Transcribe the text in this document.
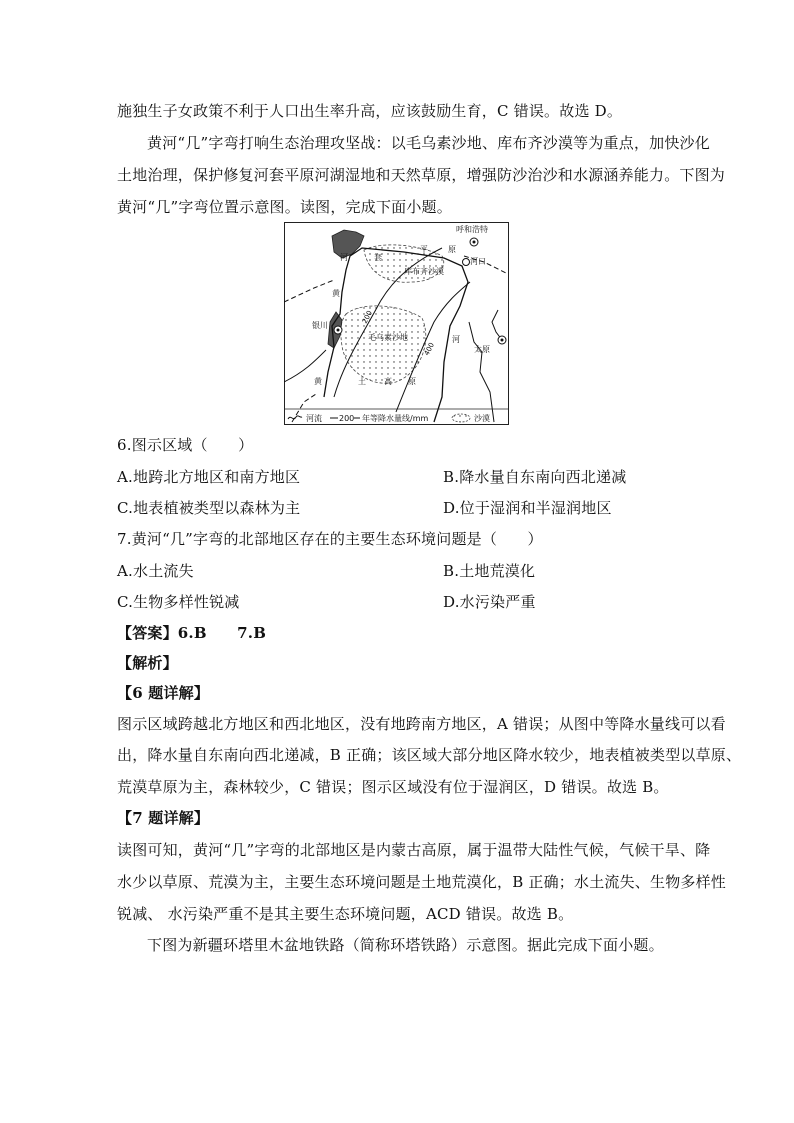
施独生子女政策不利于人口出生率升高，应该鼓励生育，C 错误。故选 D。
黄河“几”字弯打响生态治理攻坚战：以毛乌素沙地、库布齐沙漠等为重点，加快沙化
土地治理，保护修复河套平原河湖湿地和天然草原，增强防沙治沙和水源涵养能力。下图为
黄河“几”字弯位置示意图。读图，完成下面小题。
呼和浩特
河	套
平	原
河口
库布齐沙漠
黄
银川
毛乌素沙地	河
太原
黄	土 高 原
200
400
河流 200 年等降水量线/mm	沙漠
6.图示区域（　　）
A.地跨北方地区和南方地区	B.降水量自东南向西北递减
C.地表植被类型以森林为主	D.位于湿润和半湿润地区
7.黄河“几”字弯的北部地区存在的主要生态环境问题是（　　）
A.水土流失	B.土地荒漠化
C.生物多样性锐减	D.水污染严重
【答案】6.B　　7.B
【解析】
【6 题详解】
图示区域跨越北方地区和西北地区，没有地跨南方地区，A 错误；从图中等降水量线可以看
出，降水量自东南向西北递减，B 正确；该区域大部分地区降水较少，地表植被类型以草原、
荒漠草原为主，森林较少，C 错误；图示区域没有位于湿润区，D 错误。故选 B。
【7 题详解】
读图可知，黄河“几”字弯的北部地区是内蒙古高原，属于温带大陆性气候，气候干旱、降
水少以草原、荒漠为主，主要生态环境问题是土地荒漠化，B 正确；水土流失、生物多样性
锐减、 水污染严重不是其主要生态环境问题，ACD 错误。故选 B。
下图为新疆环塔里木盆地铁路（简称环塔铁路）示意图。据此完成下面小题。
